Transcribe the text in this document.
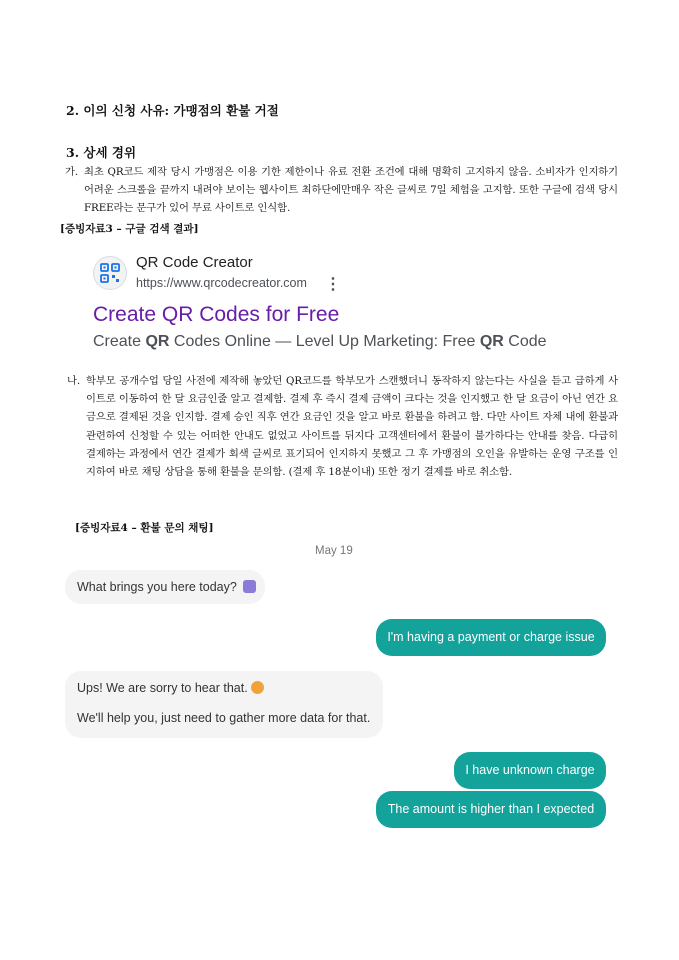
2. 이의 신청 사유: 가맹점의 환불 거절
3. 상세 경위
가. 최초 QR코드 제작 당시 가맹점은 이용 기한 제한이나 유료 전환 조건에 대해 명확히 고지하지 않음. 소비자가 인지하기 어려운 스크롤을 끝까지 내려야 보이는 웹사이트 최하단에만매우 작은 글씨로 7일 체험을 고지함. 또한 구글에 검색 당시 FREE라는 문구가 있어 무료 사이트로 인식함.
[증빙자료3 – 구글 검색 결과]
QR Code Creator
https://www.qrcodecreator.com ⋮
Create QR Codes for Free
Create QR Codes Online — Level Up Marketing: Free QR Code
나. 학부모 공개수업 당일 사전에 제작해 놓았던 QR코드를 학부모가 스캔했더니 동작하지 않는다는 사실을 듣고 급하게 사이트로 이동하여 한 달 요금인줄 알고 결제함. 결제 후 즉시 결제 금액이 크다는 것을 인지했고 한 달 요금이 아닌 연간 요금으로 결제된 것을 인지함. 결제 승인 직후 연간 요금인 것을 알고 바로 환불을 하려고 함. 다만 사이트 자체 내에 환불과 관련하여 신청할 수 있는 어떠한 안내도 없었고 사이트를 뒤지다 고객센터에서 환불이 불가하다는 안내를 찾음. 다급히 결제하는 과정에서 연간 결제가 회색 글씨로 표기되어 인지하지 못했고 그 후 가맹점의 오인을 유발하는 운영 구조를 인지하여 바로 채팅 상담을 통해 환불을 문의함. (결제 후 18분이내) 또한 정기 결제를 바로 취소함.
[증빙자료4 – 환불 문의 채팅]
May 19
What brings you here today?
I'm having a payment or charge issue
Ups! We are sorry to hear that.
We'll help you, just need to gather more data for that.
I have unknown charge
The amount is higher than I expected
